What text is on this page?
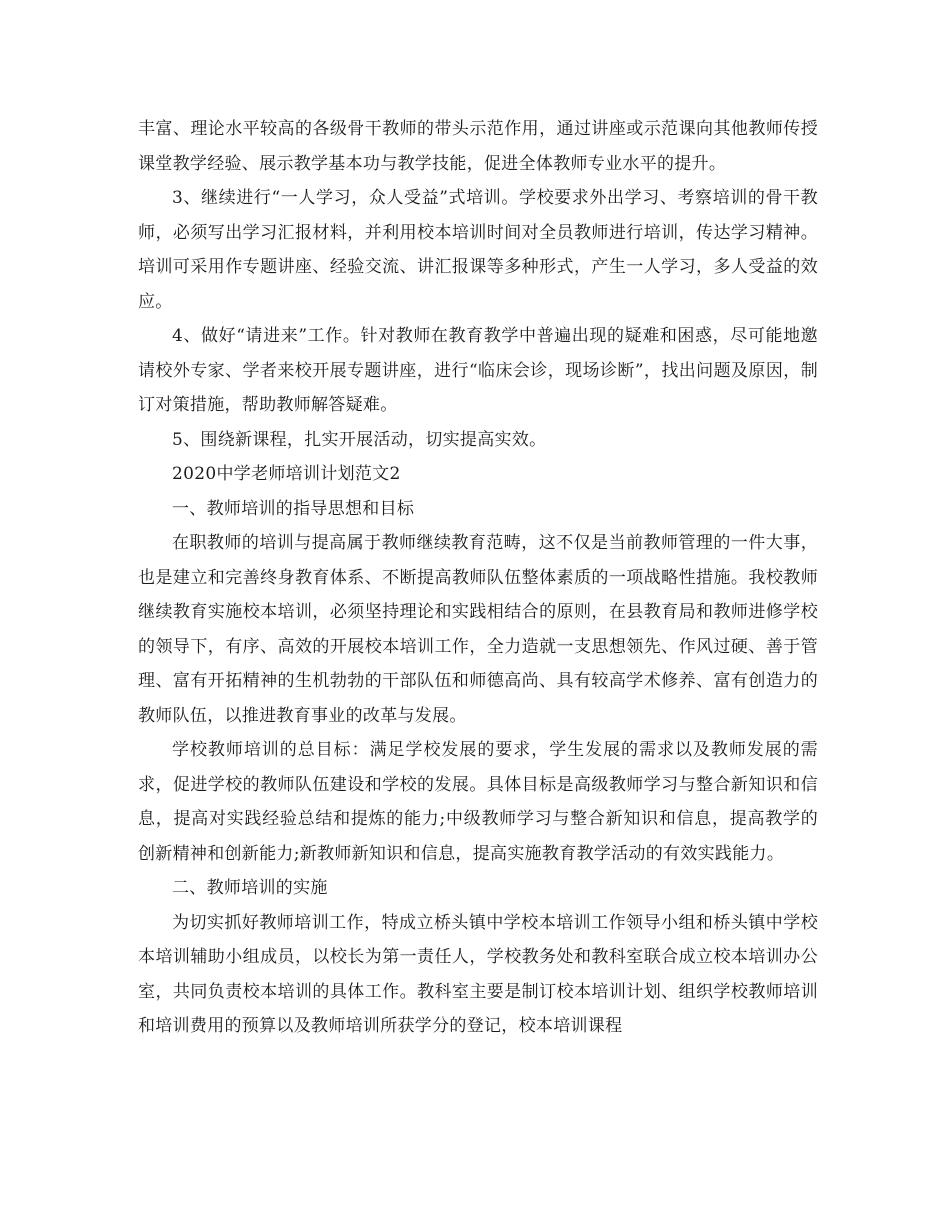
丰富、理论水平较高的各级骨干教师的带头示范作用，通过讲座或示范课向其他教师传授课堂教学经验、展示教学基本功与教学技能，促进全体教师专业水平的提升。

3、继续进行“一人学习，众人受益”式培训。学校要求外出学习、考察培训的骨干教师，必须写出学习汇报材料，并利用校本培训时间对全员教师进行培训，传达学习精神。培训可采用作专题讲座、经验交流、讲汇报课等多种形式，产生一人学习，多人受益的效应。

4、做好“请进来”工作。针对教师在教育教学中普遍出现的疑难和困惑，尽可能地邀请校外专家、学者来校开展专题讲座，进行“临床会诊，现场诊断”，找出问题及原因，制订对策措施，帮助教师解答疑难。

5、围绕新课程，扎实开展活动，切实提高实效。

2020中学老师培训计划范文2

一、教师培训的指导思想和目标

在职教师的培训与提高属于教师继续教育范畴，这不仅是当前教师管理的一件大事，也是建立和完善终身教育体系、不断提高教师队伍整体素质的一项战略性措施。我校教师继续教育实施校本培训，必须坚持理论和实践相结合的原则，在县教育局和教师进修学校的领导下，有序、高效的开展校本培训工作，全力造就一支思想领先、作风过硬、善于管理、富有开拓精神的生机勃勃的干部队伍和师德高尚、具有较高学术修养、富有创造力的教师队伍，以推进教育事业的改革与发展。

学校教师培训的总目标：满足学校发展的要求，学生发展的需求以及教师发展的需求，促进学校的教师队伍建设和学校的发展。具体目标是高级教师学习与整合新知识和信息，提高对实践经验总结和提炼的能力;中级教师学习与整合新知识和信息，提高教学的创新精神和创新能力;新教师新知识和信息，提高实施教育教学活动的有效实践能力。

二、教师培训的实施

为切实抓好教师培训工作，特成立桥头镇中学校本培训工作领导小组和桥头镇中学校本培训辅助小组成员，以校长为第一责任人，学校教务处和教科室联合成立校本培训办公室，共同负责校本培训的具体工作。教科室主要是制订校本培训计划、组织学校教师培训和培训费用的预算以及教师培训所获学分的登记，校本培训课程
